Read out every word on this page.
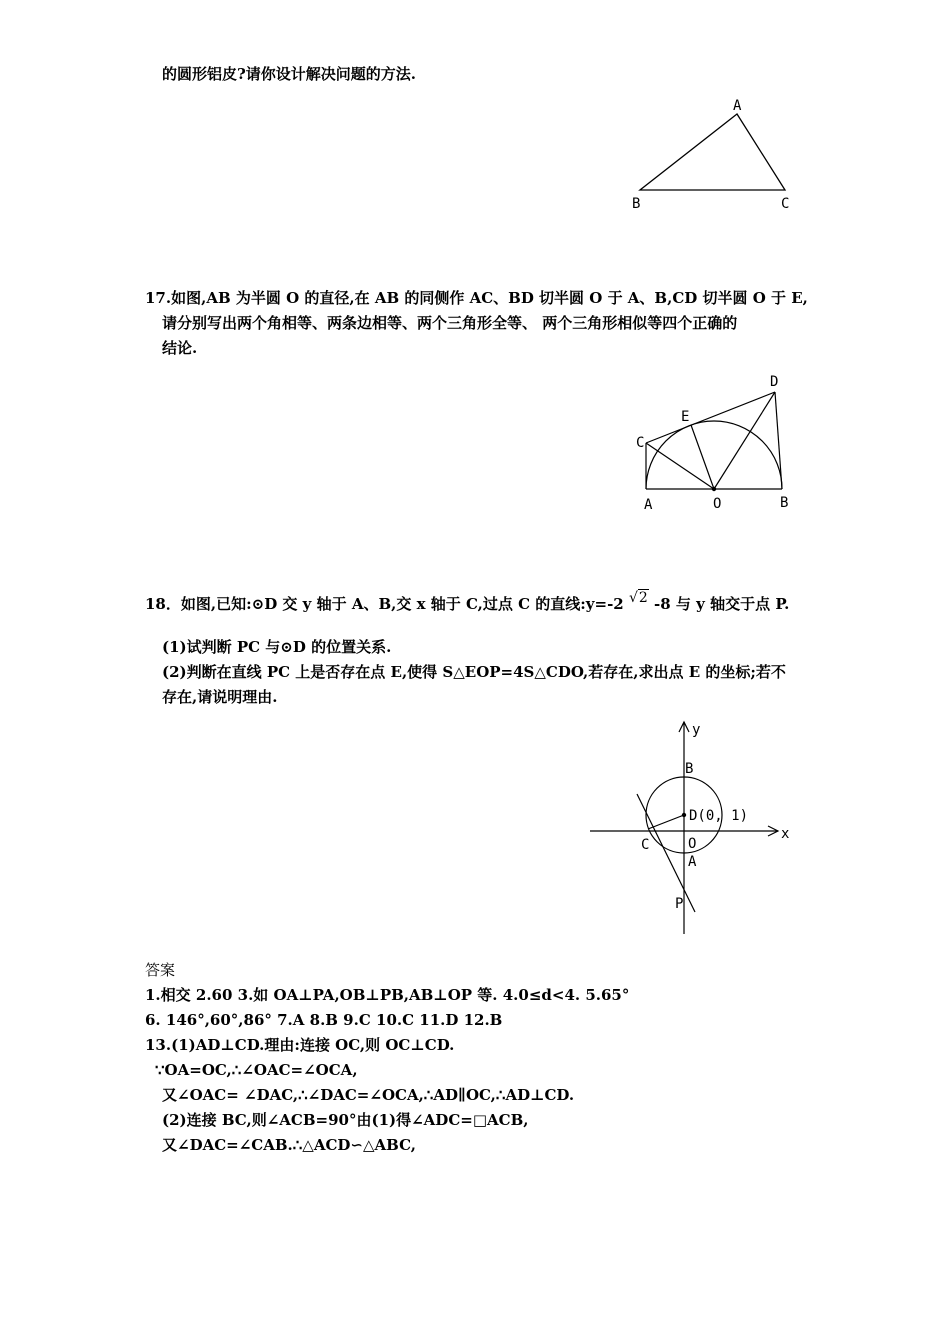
的圆形铝皮?请你设计解决问题的方法.
A
B	C
17.如图,AB 为半圆 O 的直径,在 AB 的同侧作 AC、BD 切半圆 O 于 A、B,CD 切半圆 O 于 E,
请分别写出两个角相等、两条边相等、两个三角形全等、 两个三角形相似等四个正确的
结论.
D
E
C
A	O	B
18．如图,已知:⊙D 交 y 轴于 A、B,交 x 轴于 C,过点 C 的直线:y=-2 √2 -8 与 y 轴交于点 P.
(1)试判断 PC 与⊙D 的位置关系.
(2)判断在直线 PC 上是否存在点 E,使得 S△EOP=4S△CDO,若存在,求出点 E 的坐标;若不
存在,请说明理由.
y
B
D(0, 1)
x
C	O
A
P
答案
1.相交 2.60 3.如 OA⊥PA,OB⊥PB,AB⊥OP 等. 4.0≤d<4. 5.65°
6. 146°,60°,86° 7.A 8.B 9.C 10.C 11.D 12.B
13.(1)AD⊥CD.理由:连接 OC,则 OC⊥CD.
∵OA=OC,∴∠OAC=∠OCA,
又∠OAC= ∠DAC,∴∠DAC=∠OCA,∴AD∥OC,∴AD⊥CD.
(2)连接 BC,则∠ACB=90°由(1)得∠ADC=□ACB,
又∠DAC=∠CAB.∴△ACD∽△ABC,
